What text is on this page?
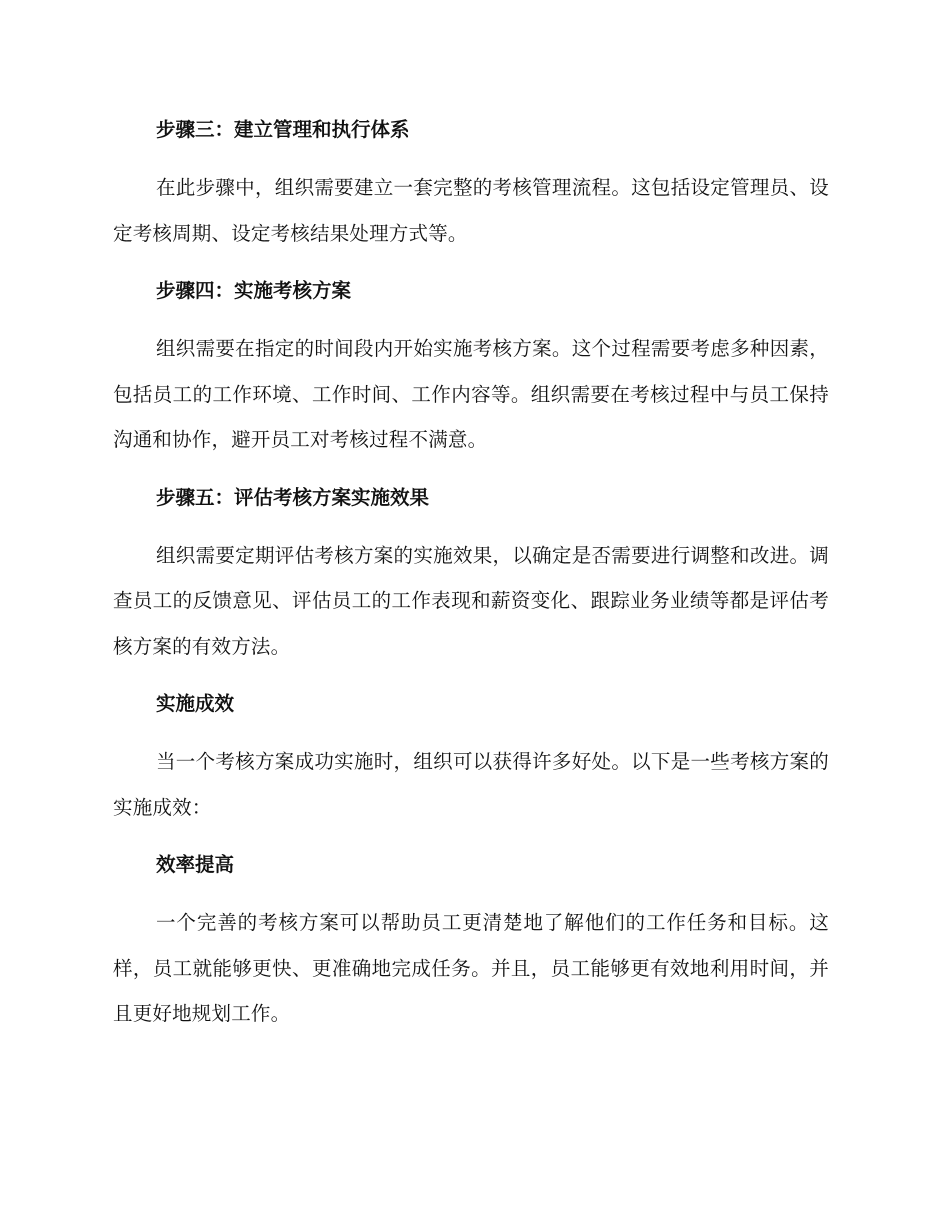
步骤三：建立管理和执行体系

在此步骤中，组织需要建立一套完整的考核管理流程。这包括设定管理员、设定考核周期、设定考核结果处理方式等。

步骤四：实施考核方案

组织需要在指定的时间段内开始实施考核方案。这个过程需要考虑多种因素，包括员工的工作环境、工作时间、工作内容等。组织需要在考核过程中与员工保持沟通和协作，避开员工对考核过程不满意。

步骤五：评估考核方案实施效果

组织需要定期评估考核方案的实施效果，以确定是否需要进行调整和改进。调查员工的反馈意见、评估员工的工作表现和薪资变化、跟踪业务业绩等都是评估考核方案的有效方法。

实施成效

当一个考核方案成功实施时，组织可以获得许多好处。以下是一些考核方案的实施成效：

效率提高

一个完善的考核方案可以帮助员工更清楚地了解他们的工作任务和目标。这样，员工就能够更快、更准确地完成任务。并且，员工能够更有效地利用时间，并且更好地规划工作。
